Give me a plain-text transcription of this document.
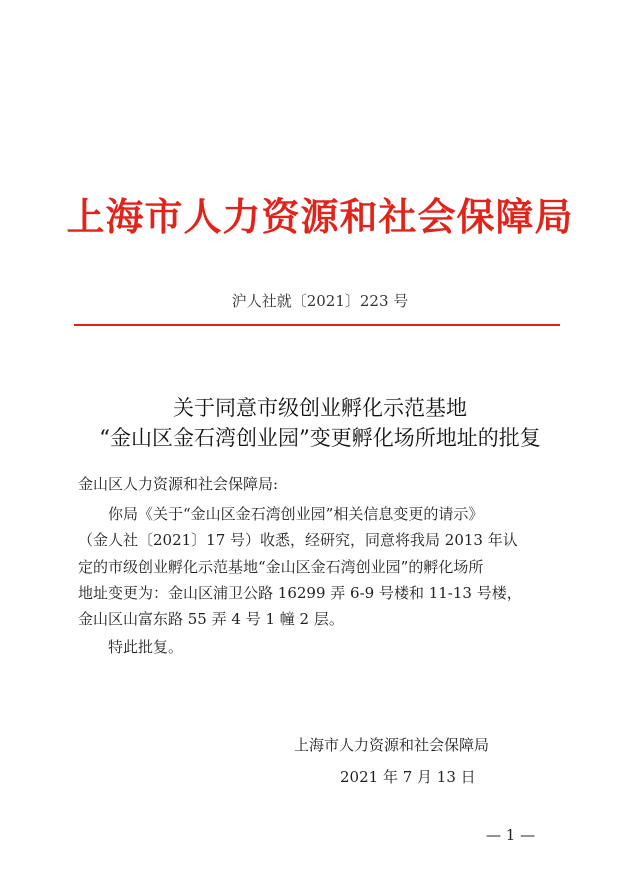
上海市人力资源和社会保障局
沪人社就〔2021〕223 号
关于同意市级创业孵化示范基地
“金山区金石湾创业园”变更孵化场所地址的批复
金山区人力资源和社会保障局:
你局《关于“金山区金石湾创业园”相关信息变更的请示》
（金人社〔2021〕17 号）收悉，经研究，同意将我局 2013 年认
定的市级创业孵化示范基地“金山区金石湾创业园”的孵化场所
地址变更为：金山区浦卫公路 16299 弄 6-9 号楼和 11-13 号楼，
金山区山富东路 55 弄 4 号 1 幢 2 层。
特此批复。
上海市人力资源和社会保障局
2021 年 7 月 13 日
— 1 —
